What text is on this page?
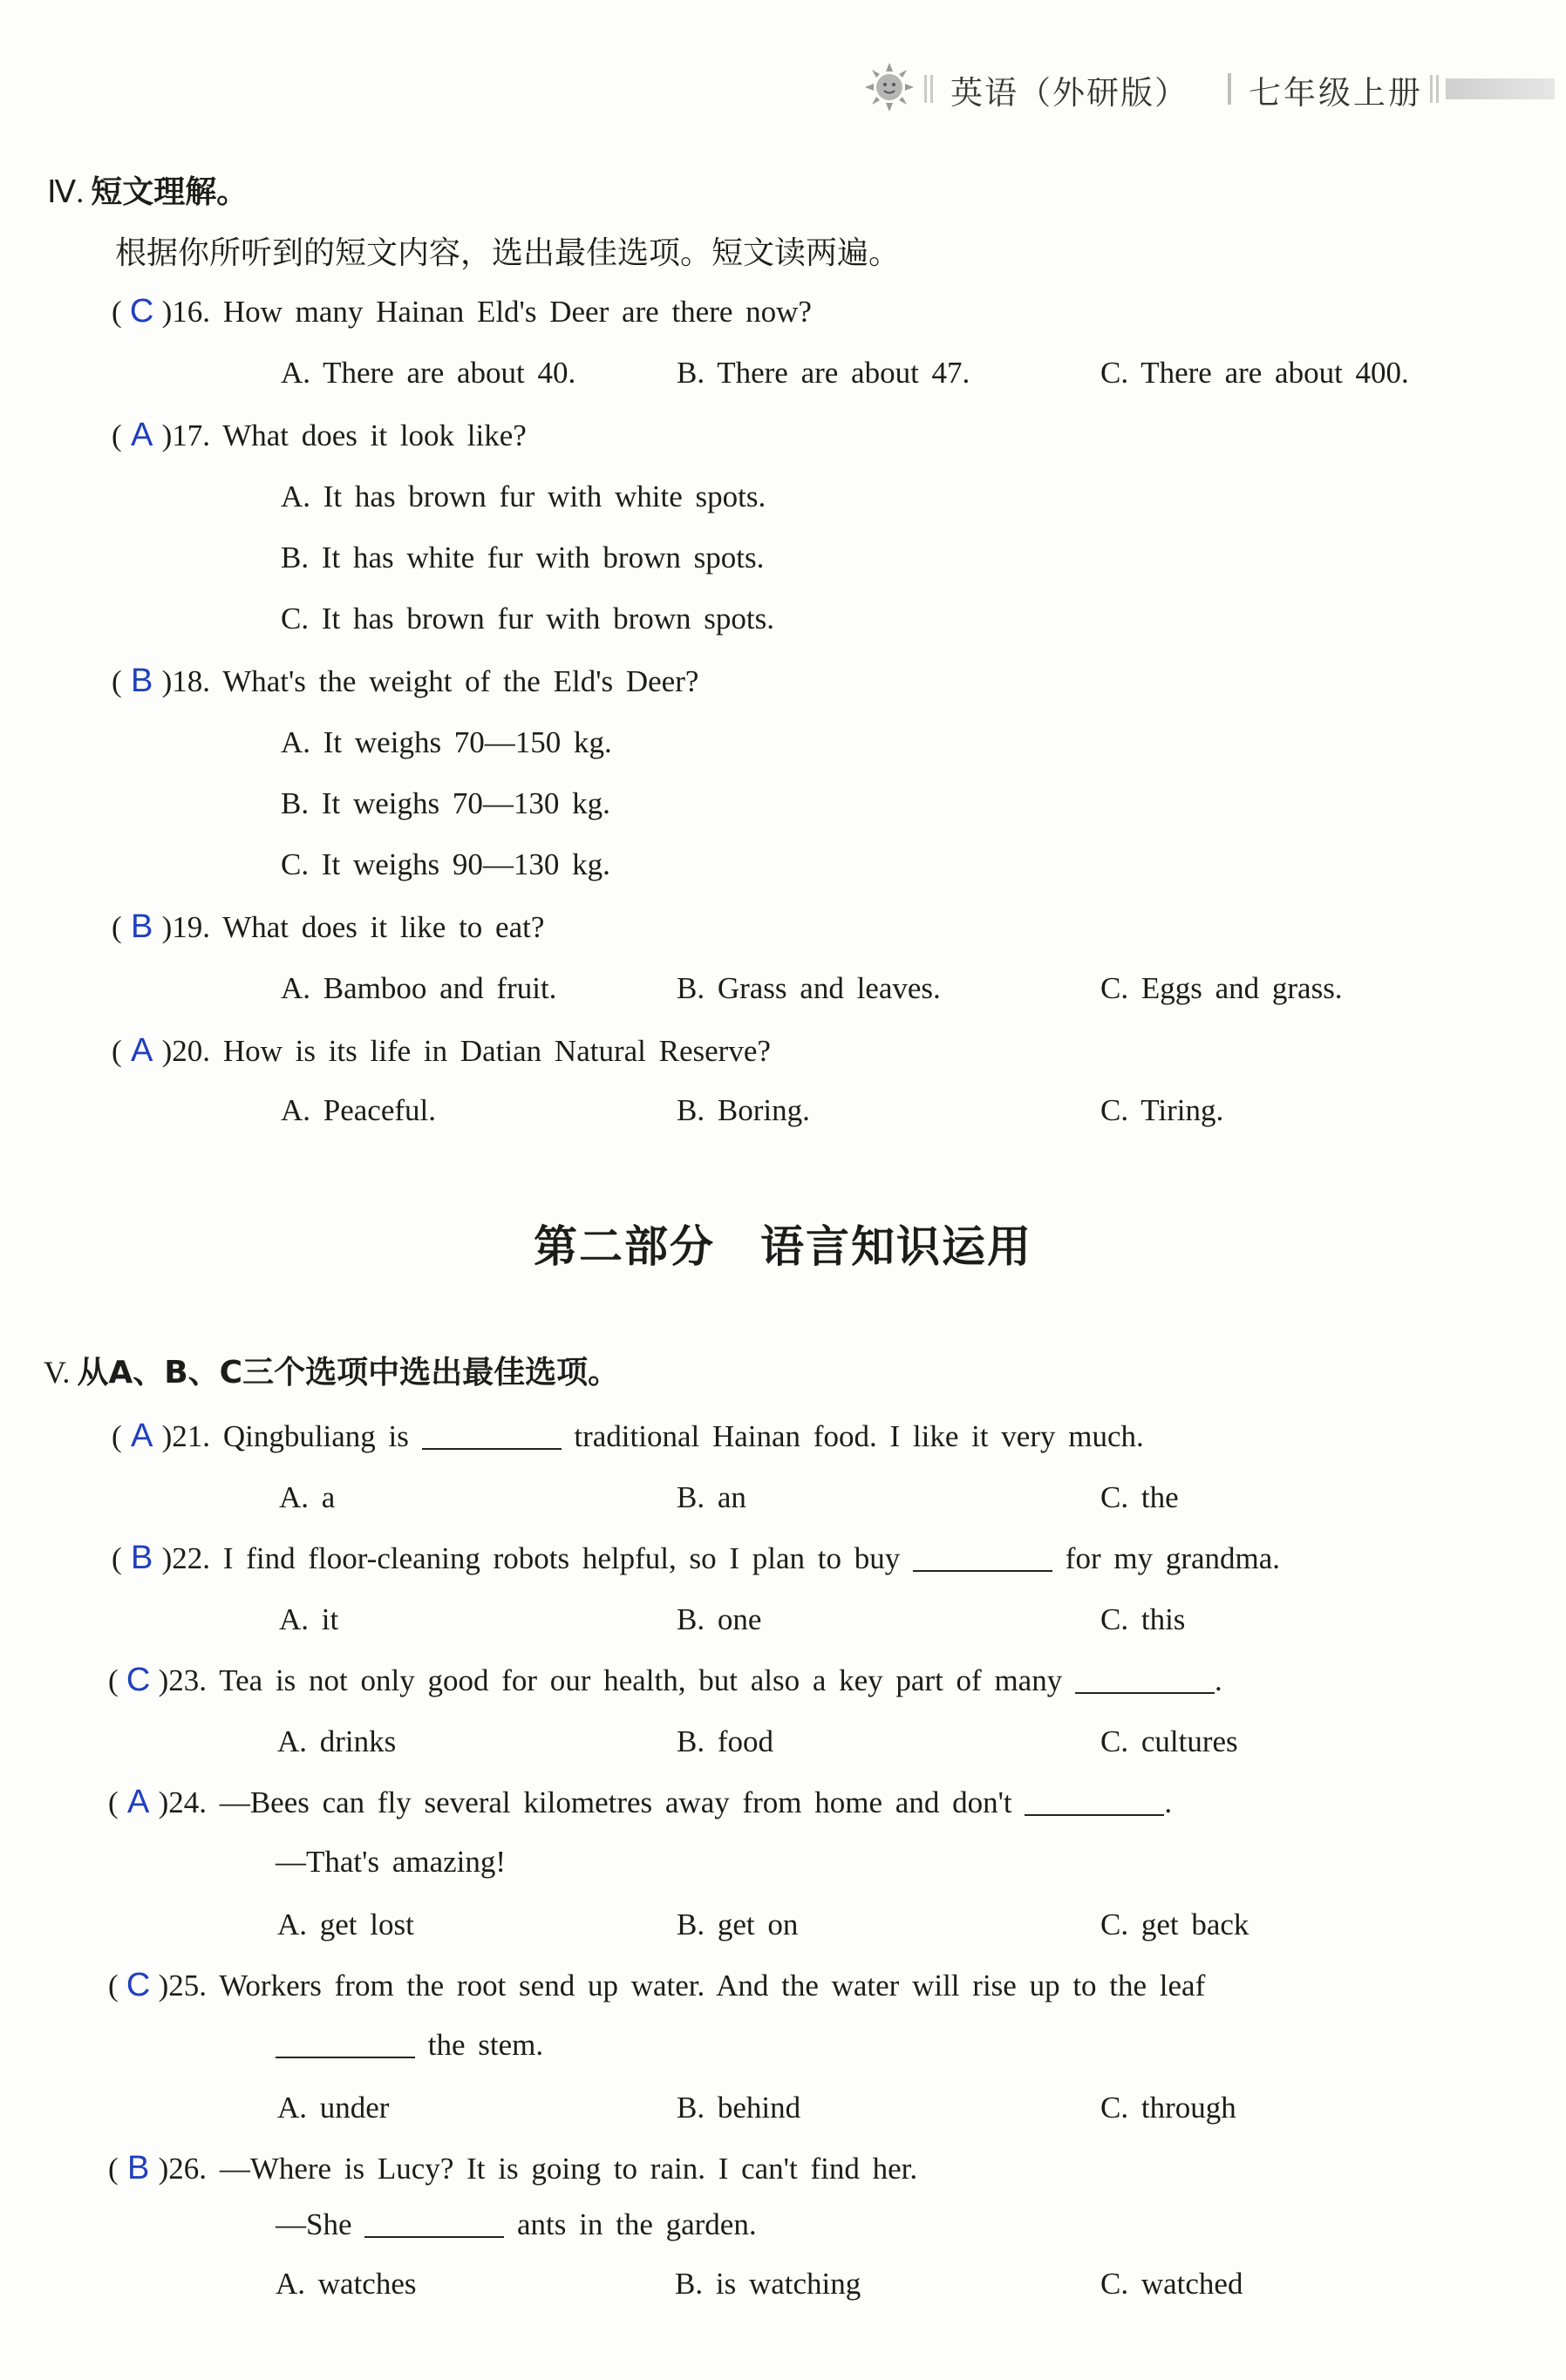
英语（外研版） 七年级上册
Ⅳ. 短文理解。
根据你所听到的短文内容，选出最佳选项。短文读两遍。
( C )16. How many Hainan Eld's Deer are there now?
A. There are about 40.	B. There are about 47.	C. There are about 400.
( A )17. What does it look like?
A. It has brown fur with white spots.
B. It has white fur with brown spots.
C. It has brown fur with brown spots.
( B )18. What's the weight of the Eld's Deer?
A. It weighs 70—150 kg.
B. It weighs 70—130 kg.
C. It weighs 90—130 kg.
( B )19. What does it like to eat?
A. Bamboo and fruit.	B. Grass and leaves.	C. Eggs and grass.
( A )20. How is its life in Datian Natural Reserve?
A. Peaceful.	B. Boring.	C. Tiring.
第二部分　语言知识运用
V. 从A、B、C三个选项中选出最佳选项。
( A )21. Qingbuliang is	traditional Hainan food. I like it very much.
A. a	B. an	C. the
( B )22. I find floor-cleaning robots helpful, so I plan to buy	for my grandma.
A. it	B. one	C. this
( C )23. Tea is not only good for our health, but also a key part of many	.
A. drinks	B. food	C. cultures
( A )24. —Bees can fly several kilometres away from home and don't	.
—That's amazing!
A. get lost	B. get on	C. get back
( C )25. Workers from the root send up water. And the water will rise up to the leaf
the stem.
A. under	B. behind	C. through
( B )26. —Where is Lucy? It is going to rain. I can't find her.
—She	ants in the garden.
A. watches	B. is watching	C. watched
